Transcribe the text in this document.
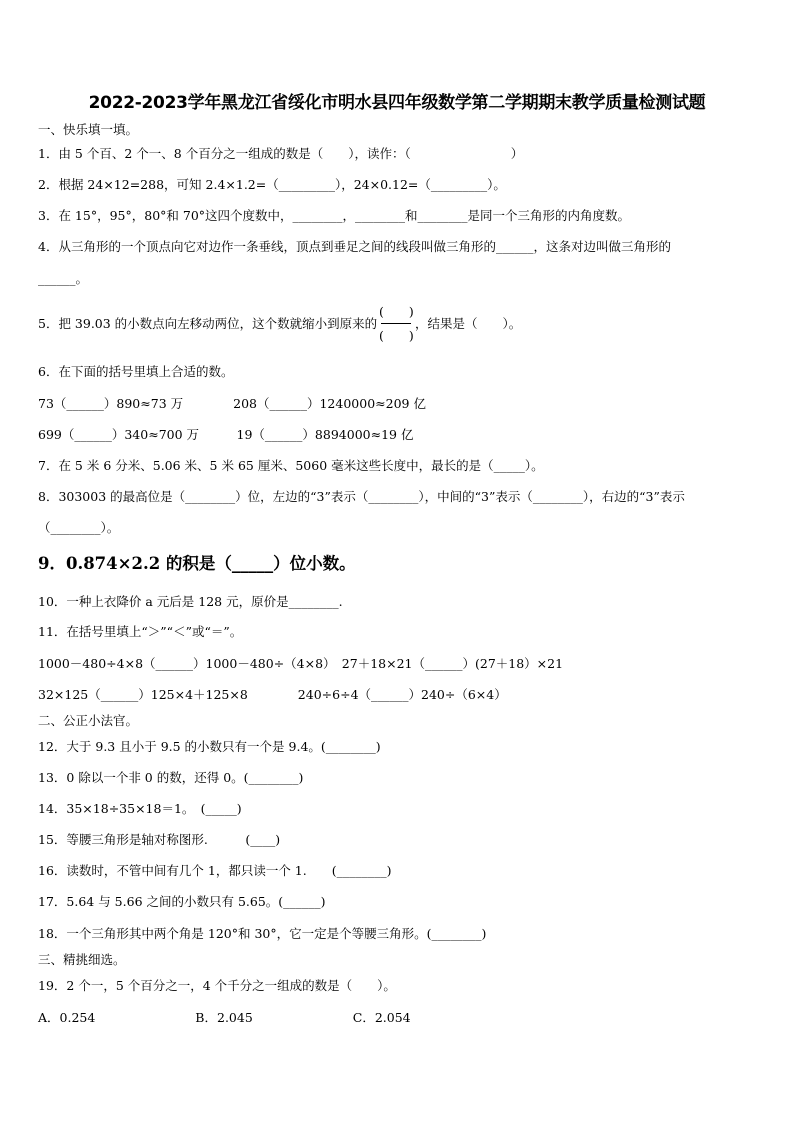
2022-2023学年黑龙江省绥化市明水县四年级数学第二学期期末教学质量检测试题
一、快乐填一填。
1．由 5 个百、2 个一、8 个百分之一组成的数是（　　），读作：（　　　　　　　　）
2．根据 24×12=288，可知 2.4×1.2=（_________），24×0.12=（_________）。
3．在 15°，95°，80°和 70°这四个度数中，________，________和________是同一个三角形的内角度数。
4．从三角形的一个顶点向它对边作一条垂线，顶点到垂足之间的线段叫做三角形的______，这条对边叫做三角形的
______。
5．把 39.03 的小数点向左移动两位，这个数就缩小到原来的
(　　)
(　　)
，结果是（　　）。
6．在下面的括号里填上合适的数。
73（______）890≈73 万　　　　208（______）1240000≈209 亿
699（______）340≈700 万　　　19（______）8894000≈19 亿
7．在 5 米 6 分米、5.06 米、5 米 65 厘米、5060 毫米这些长度中，最长的是（_____）。
8．303003 的最高位是（________）位，左边的“3”表示（________），中间的“3”表示（________），右边的“3”表示
（________）。
9．0.874×2.2 的积是（_____）位小数。
10．一种上衣降价 a 元后是 128 元，原价是________.
11．在括号里填上“＞”“＜”或“＝”。
1000－480÷4×8（______）1000－480÷（4×8）　27＋18×21（______）(27＋18）×21
32×125（______）125×4＋125×8　　　　240÷6÷4（______）240÷（6×4）
二、公正小法官。
12．大于 9.3 且小于 9.5 的小数只有一个是 9.4。(________)
13．0 除以一个非 0 的数，还得 0。(________)
14．35×18÷35×18＝1。　(_____)
15．等腰三角形是轴对称图形.　　　(____)
16．读数时，不管中间有几个 1，都只读一个 1.　　(________)
17．5.64 与 5.66 之间的小数只有 5.65。(______)
18．一个三角形其中两个角是 120°和 30°，它一定是个等腰三角形。(________)
三、精挑细选。
19．2 个一，5 个百分之一，4 个千分之一组成的数是（　　）。
A．0.254　　　　　　　　B．2.045　　　　　　　　C．2.054
